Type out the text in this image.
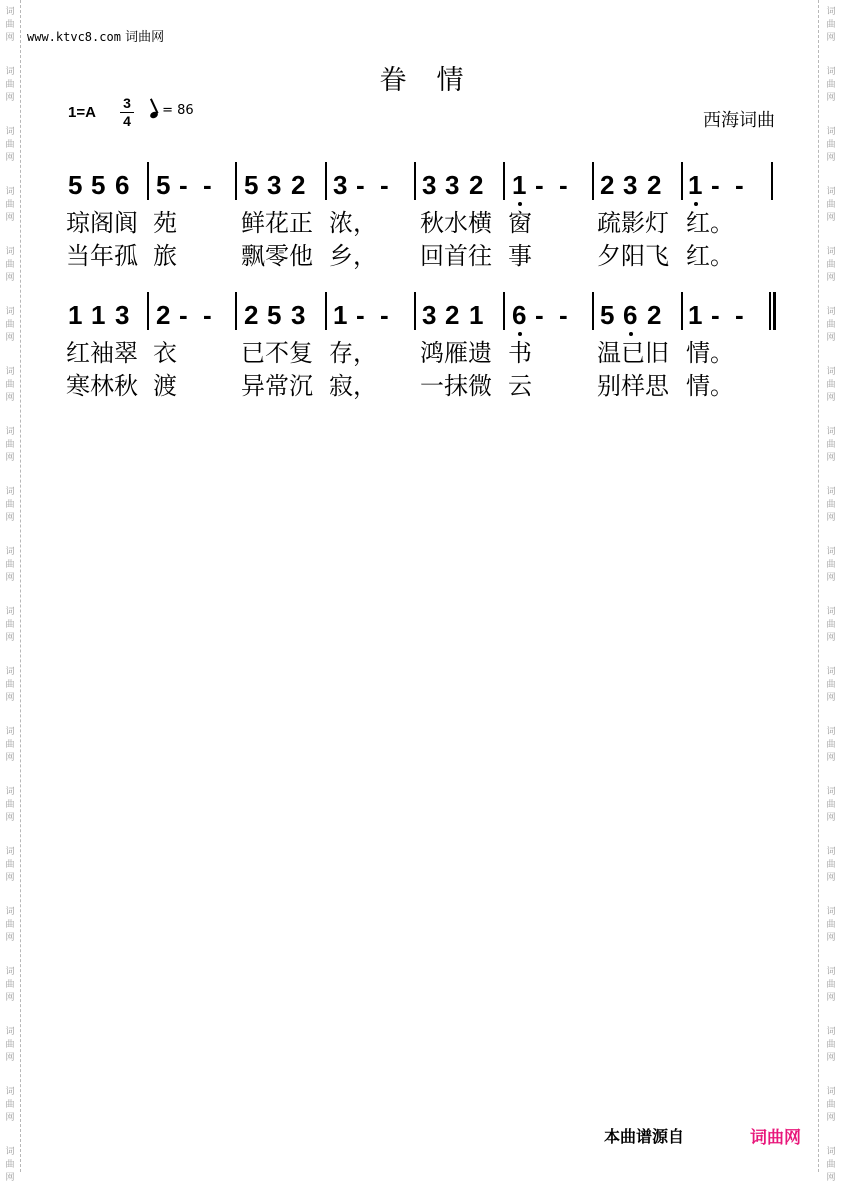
词
曲
网
词
曲
网
词
曲
网
词
曲
网
词
曲
网
词
曲
网
词
曲
网
词
曲
网
词
曲
网
词
曲
网
词
曲
网
词
曲
网
词
曲
网
词
曲
网
词
曲
网
词
曲
网
词
曲
网
词
曲
网
词
曲
网
词
曲
网
词
曲
网
词
曲
网
词
曲
网
词
曲
网
词
曲
网
词
曲
网
词
曲
网
词
曲
网
词
曲
网
词
曲
网
词
曲
网
词
曲
网
词
曲
网
词
曲
网
词
曲
网
词
曲
网
词
曲
网
词
曲
网
词
曲
网
词
曲
网
www.ktvc8.com 词曲网
眷情
1=A
3
4
= 86	西海词曲
5 5 6 5 - - 5 3 2 3 - - 3 3 2 1 - - 2 3 2 1 - -
琼阁阆 苑	鲜花正 浓， 秋水横 窗	疏影灯 红。
当年孤 旅	飘零他 乡， 回首往 事	夕阳飞 红。
1 1 3 2 - - 2 5 3 1 - - 3 2 1 6 - - 5 6 2 1 - -
红袖翠 衣	已不复 存， 鸿雁遗 书	温已旧 情。
寒林秋 渡	异常沉 寂， 一抹微 云	别样思 情。
本曲谱源自	词曲网
